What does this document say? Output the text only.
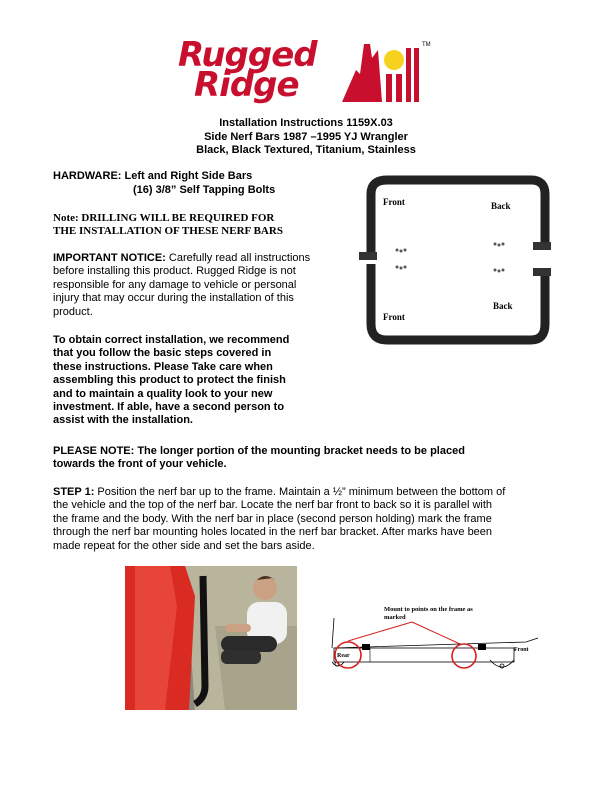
Rugged
Ridge
TM
Installation Instructions 1159X.03
Side Nerf Bars 1987 –1995 YJ Wrangler
Black, Black Textured, Titanium, Stainless
HARDWARE: Left and Right Side Bars
(16) 3/8” Self Tapping Bolts
Note: DRILLING WILL BE REQUIRED FOR
THE INSTALLATION OF THESE NERF BARS
IMPORTANT NOTICE: Carefully read all instructions
before installing this product. Rugged Ridge is not
responsible for any damage to vehicle or personal
injury that may occur during the installation of this
product.
To obtain correct installation, we recommend
that you follow the basic steps covered in
these instructions. Please Take care when
assembling this product to protect the finish
and to maintain a quality look to your new
investment. If able, have a second person to
assist with the installation.
PLEASE NOTE: The longer portion of the mounting bracket needs to be placed
towards the front of your vehicle.
STEP 1: Position the nerf bar up to the frame. Maintain a ½” minimum between the bottom of
the vehicle and the top of the nerf bar. Locate the nerf bar front to back so it is parallel with
the frame and the body. With the nerf bar in place (second person holding) mark the frame
through the nerf bar mounting holes located in the nerf bar bracket. After marks have been
made repeat for the other side and set the bars aside.
Front	Back
Back
Front
Mount to points on the frame as
marked
Rear
Front
